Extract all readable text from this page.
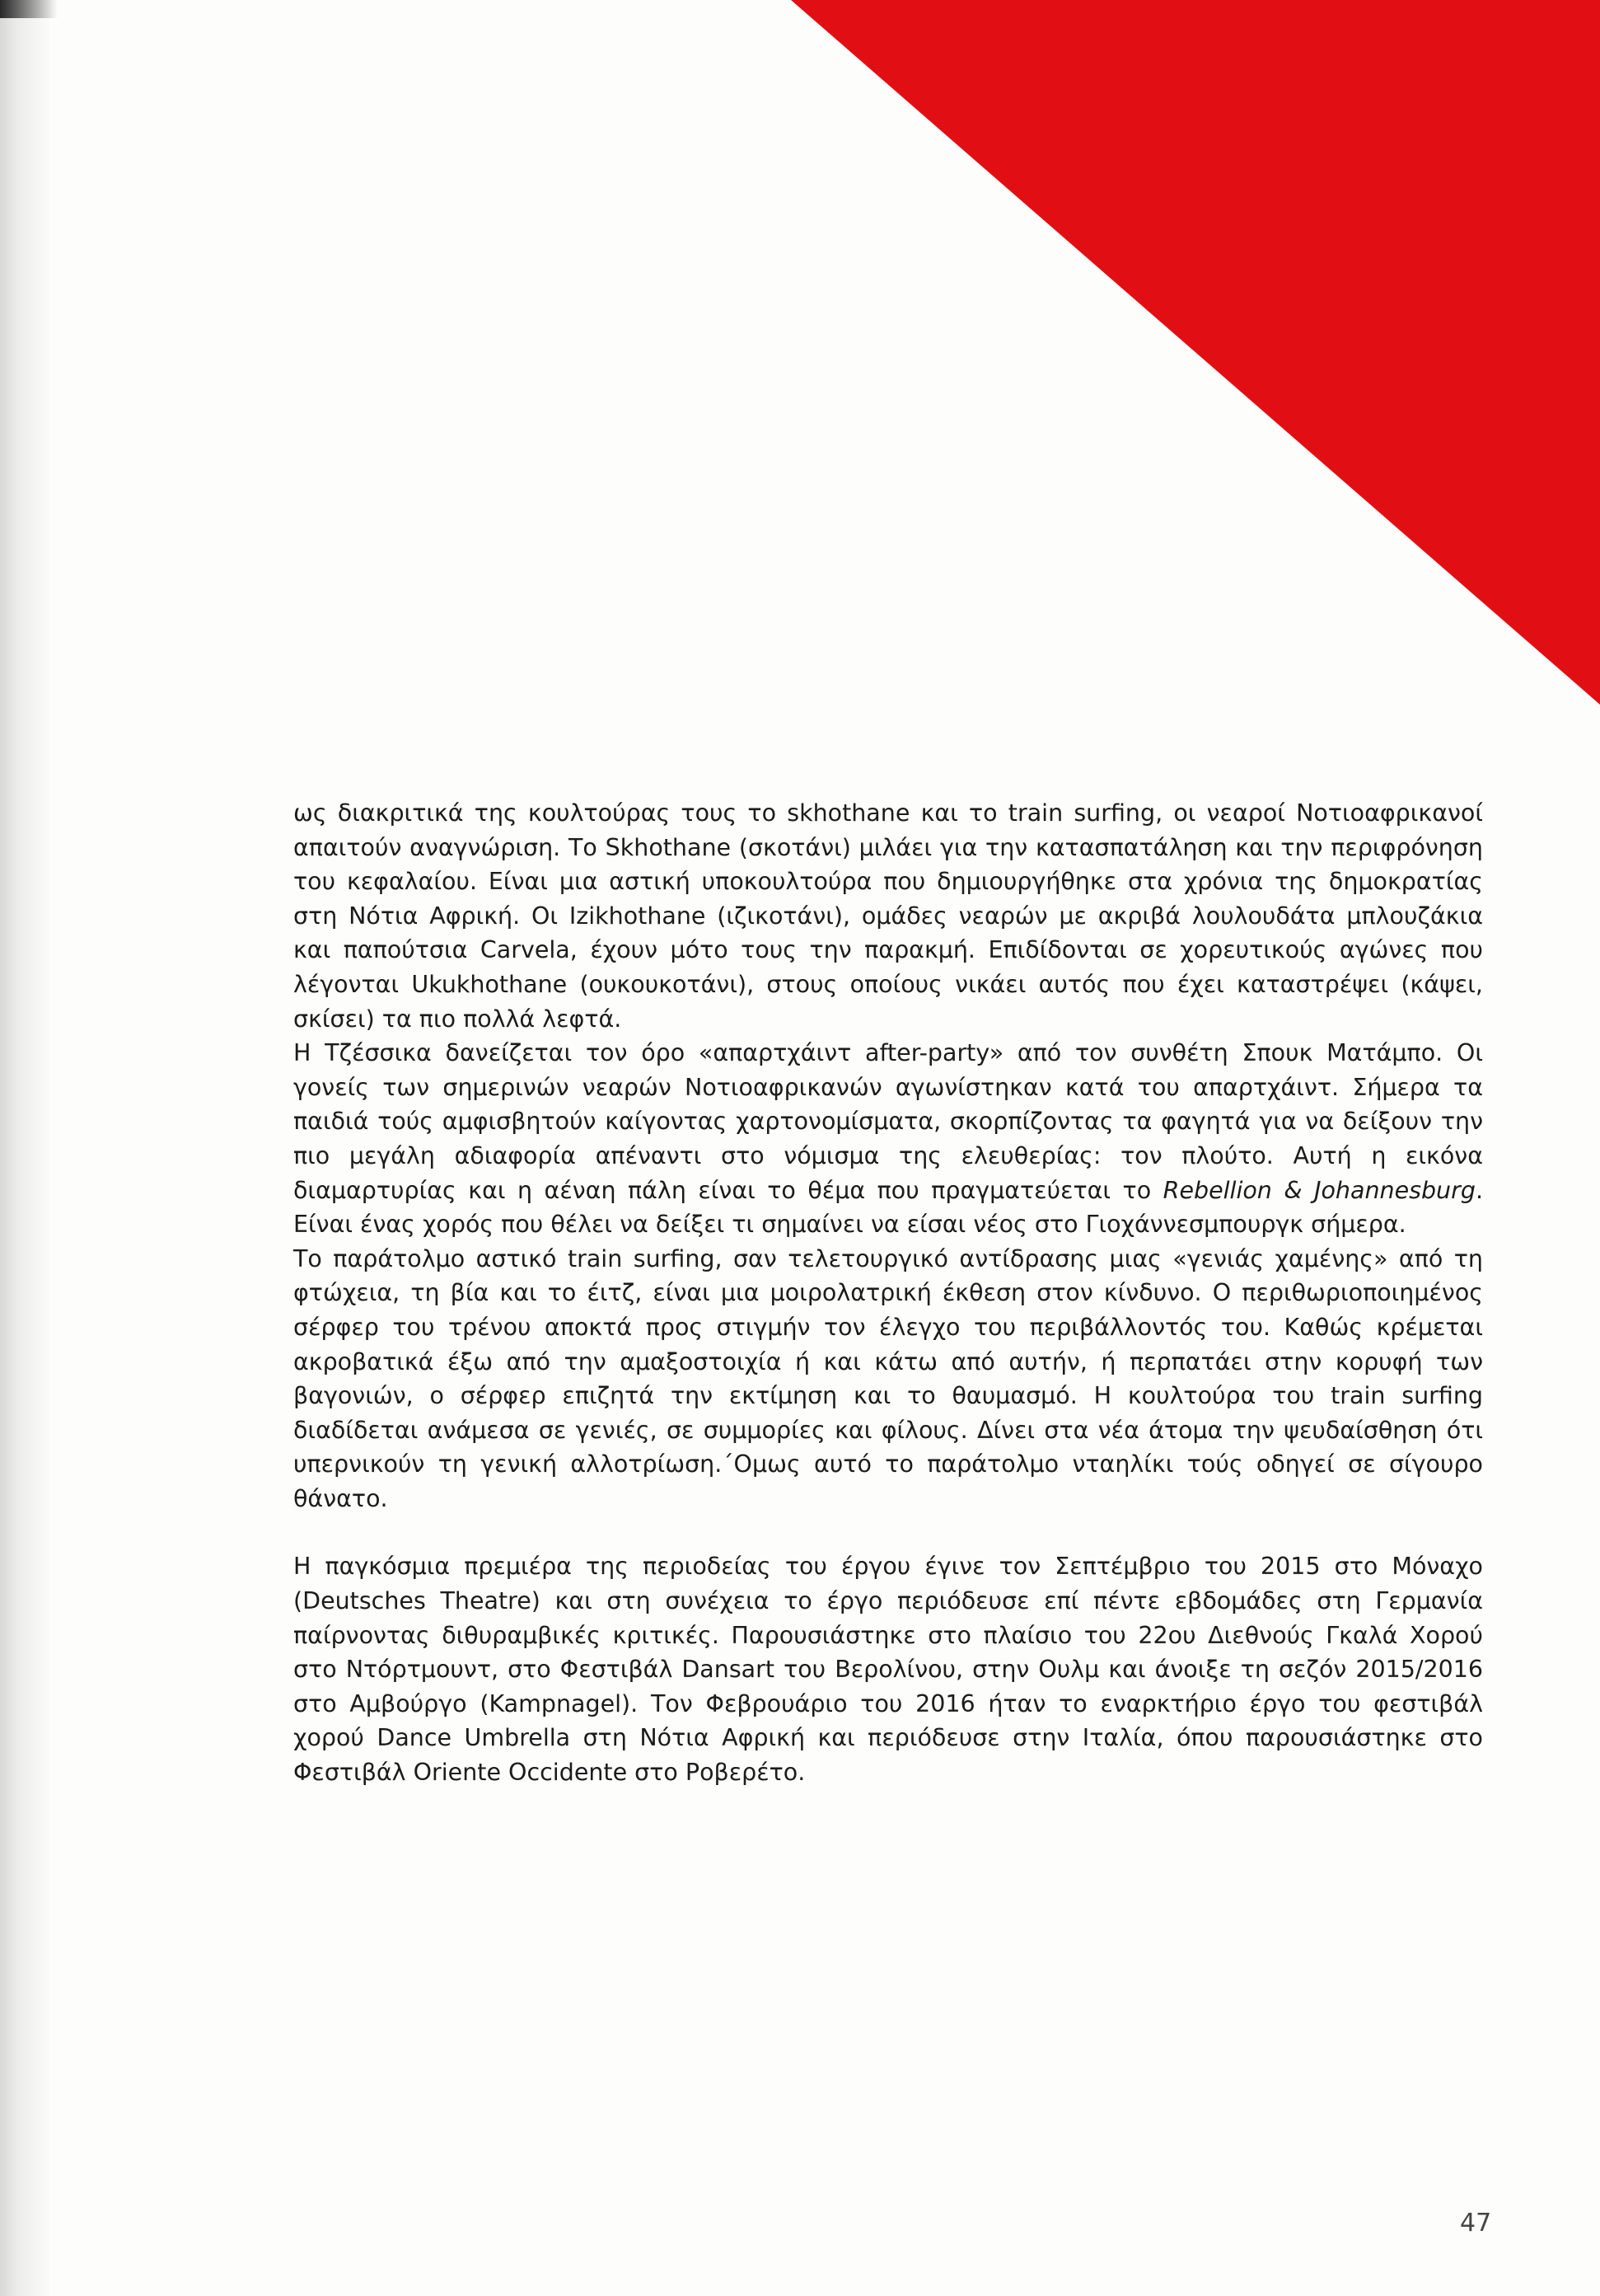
ως διακριτικά της κουλτούρας τους το skhothane και το train surfing, οι νεαροί Νοτιοαφρικανοί απαιτούν αναγνώριση. Το Skhothane (σκοτάνι) μιλάει για την κατασπατάληση και την περιφρόνηση του κεφαλαίου. Είναι μια αστική υποκουλτούρα που δημιουργήθηκε στα χρόνια της δημοκρατίας στη Νότια Αφρική. Οι Izikhothane (ιζικοτάνι), ομάδες νεαρών με ακριβά λουλουδάτα μπλουζάκια και παπούτσια Carvela, έχουν μότο τους την παρακμή. Επιδίδονται σε χορευτικούς αγώνες που λέγονται Ukukhothane (ουκουκοτάνι), στους οποίους νικάει αυτός που έχει καταστρέψει (κάψει, σκίσει) τα πιο πολλά λεφτά.

Η Τζέσσικα δανείζεται τον όρο «απαρτχάιντ after-party» από τον συνθέτη Σπουκ Ματάμπο. Οι γονείς των σημερινών νεαρών Νοτιοαφρικανών αγωνίστηκαν κατά του απαρτχάιντ. Σήμερα τα παιδιά τούς αμφισβητούν καίγοντας χαρτονομίσματα, σκορπίζοντας τα φαγητά για να δείξουν την πιο μεγάλη αδιαφορία απέναντι στο νόμισμα της ελευθερίας: τον πλούτο. Αυτή η εικόνα διαμαρτυρίας και η αέναη πάλη είναι το θέμα που πραγματεύεται το Rebellion & Johannesburg. Είναι ένας χορός που θέλει να δείξει τι σημαίνει να είσαι νέος στο Γιοχάννεσμπουργκ σήμερα.

Το παράτολμο αστικό train surfing, σαν τελετουργικό αντίδρασης μιας «γενιάς χαμένης» από τη φτώχεια, τη βία και το έιτζ, είναι μια μοιρολατρική έκθεση στον κίνδυνο. Ο περιθωριοποιημένος σέρφερ του τρένου αποκτά προς στιγμήν τον έλεγχο του περιβάλλοντός του. Καθώς κρέμεται ακροβατικά έξω από την αμαξοστοιχία ή και κάτω από αυτήν, ή περπατάει στην κορυφή των βαγονιών, ο σέρφερ επιζητά την εκτίμηση και το θαυμασμό. Η κουλτούρα του train surfing διαδίδεται ανάμεσα σε γενιές, σε συμμορίες και φίλους. Δίνει στα νέα άτομα την ψευδαίσθηση ότι υπερνικούν τη γενική αλλοτρίωση.΄Ομως αυτό το παράτολμο νταηλίκι τούς οδηγεί σε σίγουρο θάνατο.

Η παγκόσμια πρεμιέρα της περιοδείας του έργου έγινε τον Σεπτέμβριο του 2015 στο Μόναχο (Deutsches Theatre) και στη συνέχεια το έργο περιόδευσε επί πέντε εβδομάδες στη Γερμανία παίρνοντας διθυραμβικές κριτικές. Παρουσιάστηκε στο πλαίσιο του 22ου Διεθνούς Γκαλά Χορού στο Ντόρτμουντ, στο Φεστιβάλ Dansart του Βερολίνου, στην Ουλμ και άνοιξε τη σεζόν 2015/2016 στο Αμβούργο (Kampnagel). Τον Φεβρουάριο του 2016 ήταν το εναρκτήριο έργο του φεστιβάλ χορού Dance Umbrella στη Νότια Αφρική και περιόδευσε στην Ιταλία, όπου παρουσιάστηκε στο Φεστιβάλ Oriente Occidente στο Ροβερέτο.

47
